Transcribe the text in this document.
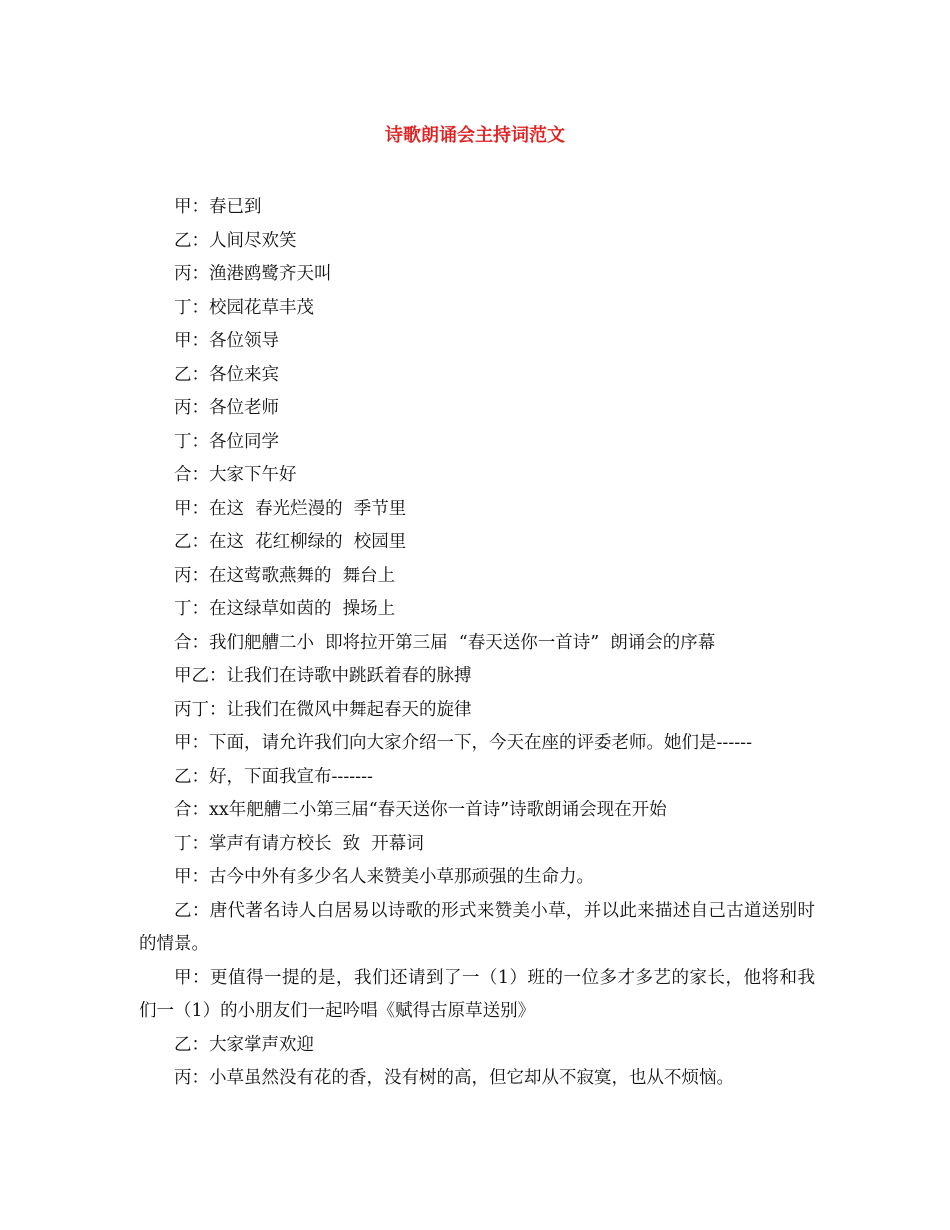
诗歌朗诵会主持词范文

甲：春已到

乙：人间尽欢笑

丙：渔港鸥鹭齐天叫

丁：校园花草丰茂

甲：各位领导

乙：各位来宾

丙：各位老师

丁：各位同学

合：大家下午好

甲：在这  春光烂漫的  季节里

乙：在这  花红柳绿的  校园里

丙：在这莺歌燕舞的  舞台上

丁：在这绿草如茵的  操场上

合：我们舥艚二小  即将拉开第三届  “春天送你一首诗”  朗诵会的序幕

甲乙：让我们在诗歌中跳跃着春的脉搏

丙丁：让我们在微风中舞起春天的旋律

甲：下面，请允许我们向大家介绍一下，今天在座的评委老师。她们是------

乙：好，下面我宣布-------

合：xx年舥艚二小第三届“春天送你一首诗”诗歌朗诵会现在开始

丁：掌声有请方校长  致  开幕词

甲：古今中外有多少名人来赞美小草那顽强的生命力。

乙：唐代著名诗人白居易以诗歌的形式来赞美小草，并以此来描述自己古道送别时的情景。

甲：更值得一提的是，我们还请到了一（1）班的一位多才多艺的家长，他将和我们一（1）的小朋友们一起吟唱《赋得古原草送别》

乙：大家掌声欢迎

丙：小草虽然没有花的香，没有树的高，但它却从不寂寞，也从不烦恼。
